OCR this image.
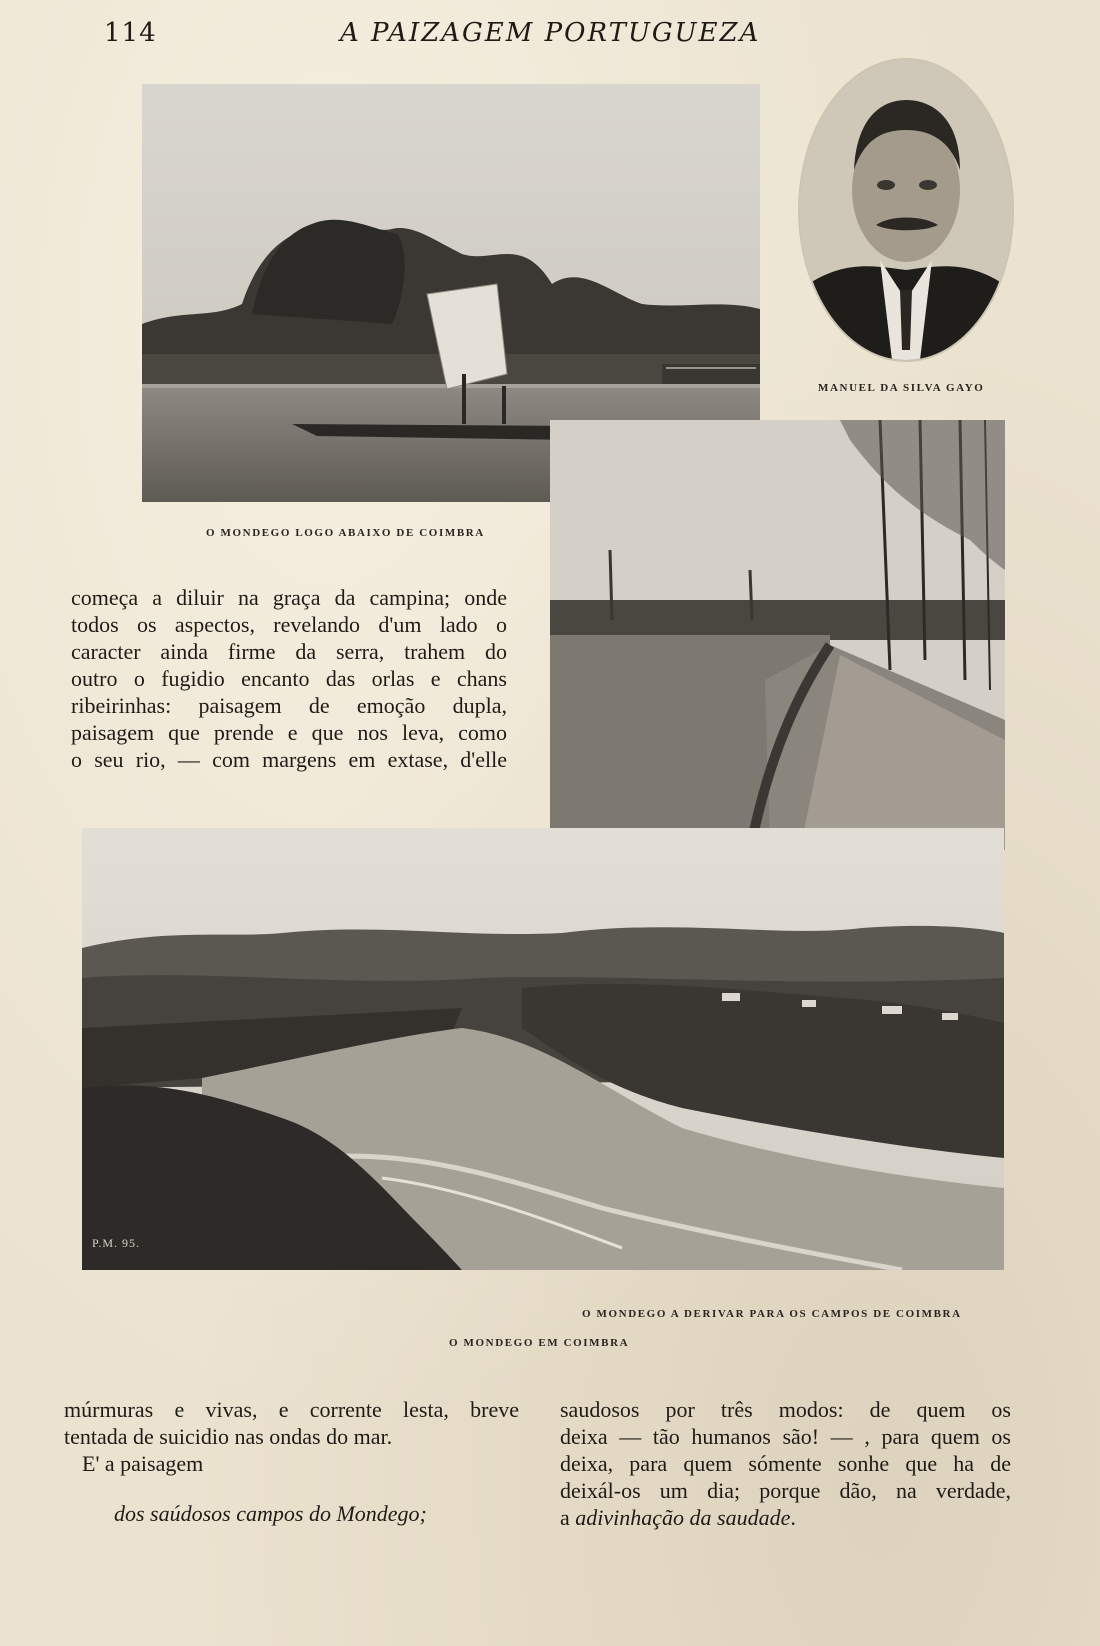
114	A PAIZAGEM PORTUGUEZA
MANUEL DA SILVA GAYO
O MONDEGO LOGO ABAIXO DE COIMBRA

começa a diluir na graça da campina; onde

todos os aspectos, revelando d'um lado o

caracter ainda firme da serra, trahem do

outro o fugidio encanto das orlas e chans

ribeirinhas: paisagem de emoção dupla,

paisagem que prende e que nos leva, como

o seu rio, — com margens em extase, d'elle

P.M. 95.
O MONDEGO A DERIVAR PARA OS CAMPOS DE COIMBRA
O MONDEGO EM COIMBRA

múrmuras e vivas, e corrente lesta, breve

tentada de suicidio nas ondas do mar.

E' a paisagem

dos saúdosos campos do Mondego;

saudosos por três modos: de quem os

deixa — tão humanos são! — , para quem os

deixa, para quem sómente sonhe que ha de

deixál-os um dia; porque dão, na verdade,

a adivinhação da saudade.
